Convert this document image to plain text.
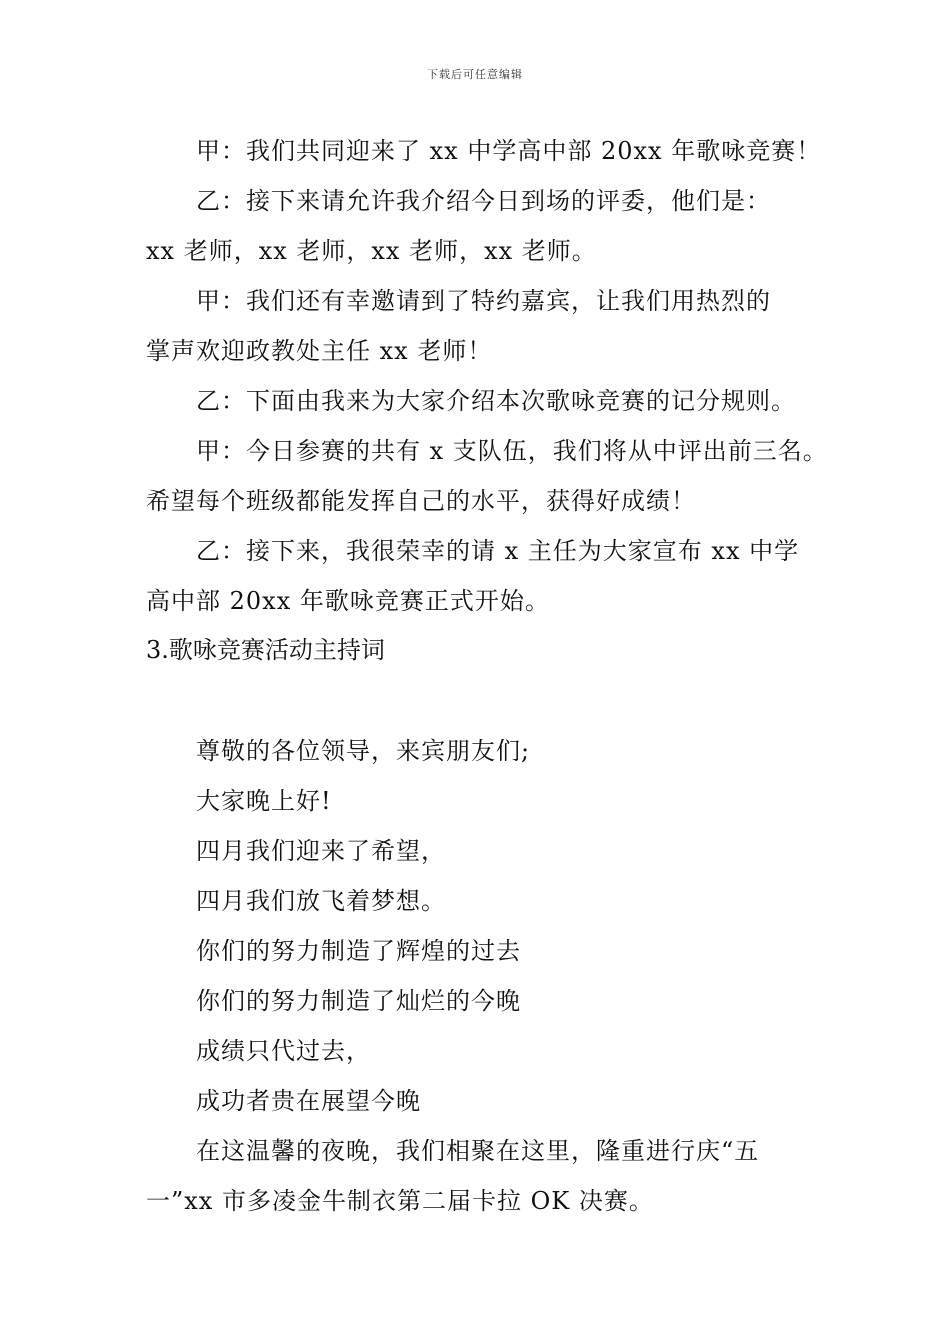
下载后可任意编辑
甲：我们共同迎来了 xx 中学高中部 20xx 年歌咏竞赛！
乙：接下来请允许我介绍今日到场的评委，他们是：
xx 老师，xx 老师，xx 老师，xx 老师。
甲：我们还有幸邀请到了特约嘉宾，让我们用热烈的
掌声欢迎政教处主任 xx 老师！
乙：下面由我来为大家介绍本次歌咏竞赛的记分规则。
甲：今日参赛的共有 x 支队伍，我们将从中评出前三名。
希望每个班级都能发挥自己的水平，获得好成绩！
乙：接下来，我很荣幸的请 x 主任为大家宣布 xx 中学
高中部 20xx 年歌咏竞赛正式开始。
3.歌咏竞赛活动主持词
尊敬的各位领导，来宾朋友们;
大家晚上好!
四月我们迎来了希望，
四月我们放飞着梦想。
你们的努力制造了辉煌的过去
你们的努力制造了灿烂的今晚
成绩只代过去，
成功者贵在展望今晚
在这温馨的夜晚，我们相聚在这里，隆重进行庆“五
一”xx 市多凌金牛制衣第二届卡拉 OK 决赛。
